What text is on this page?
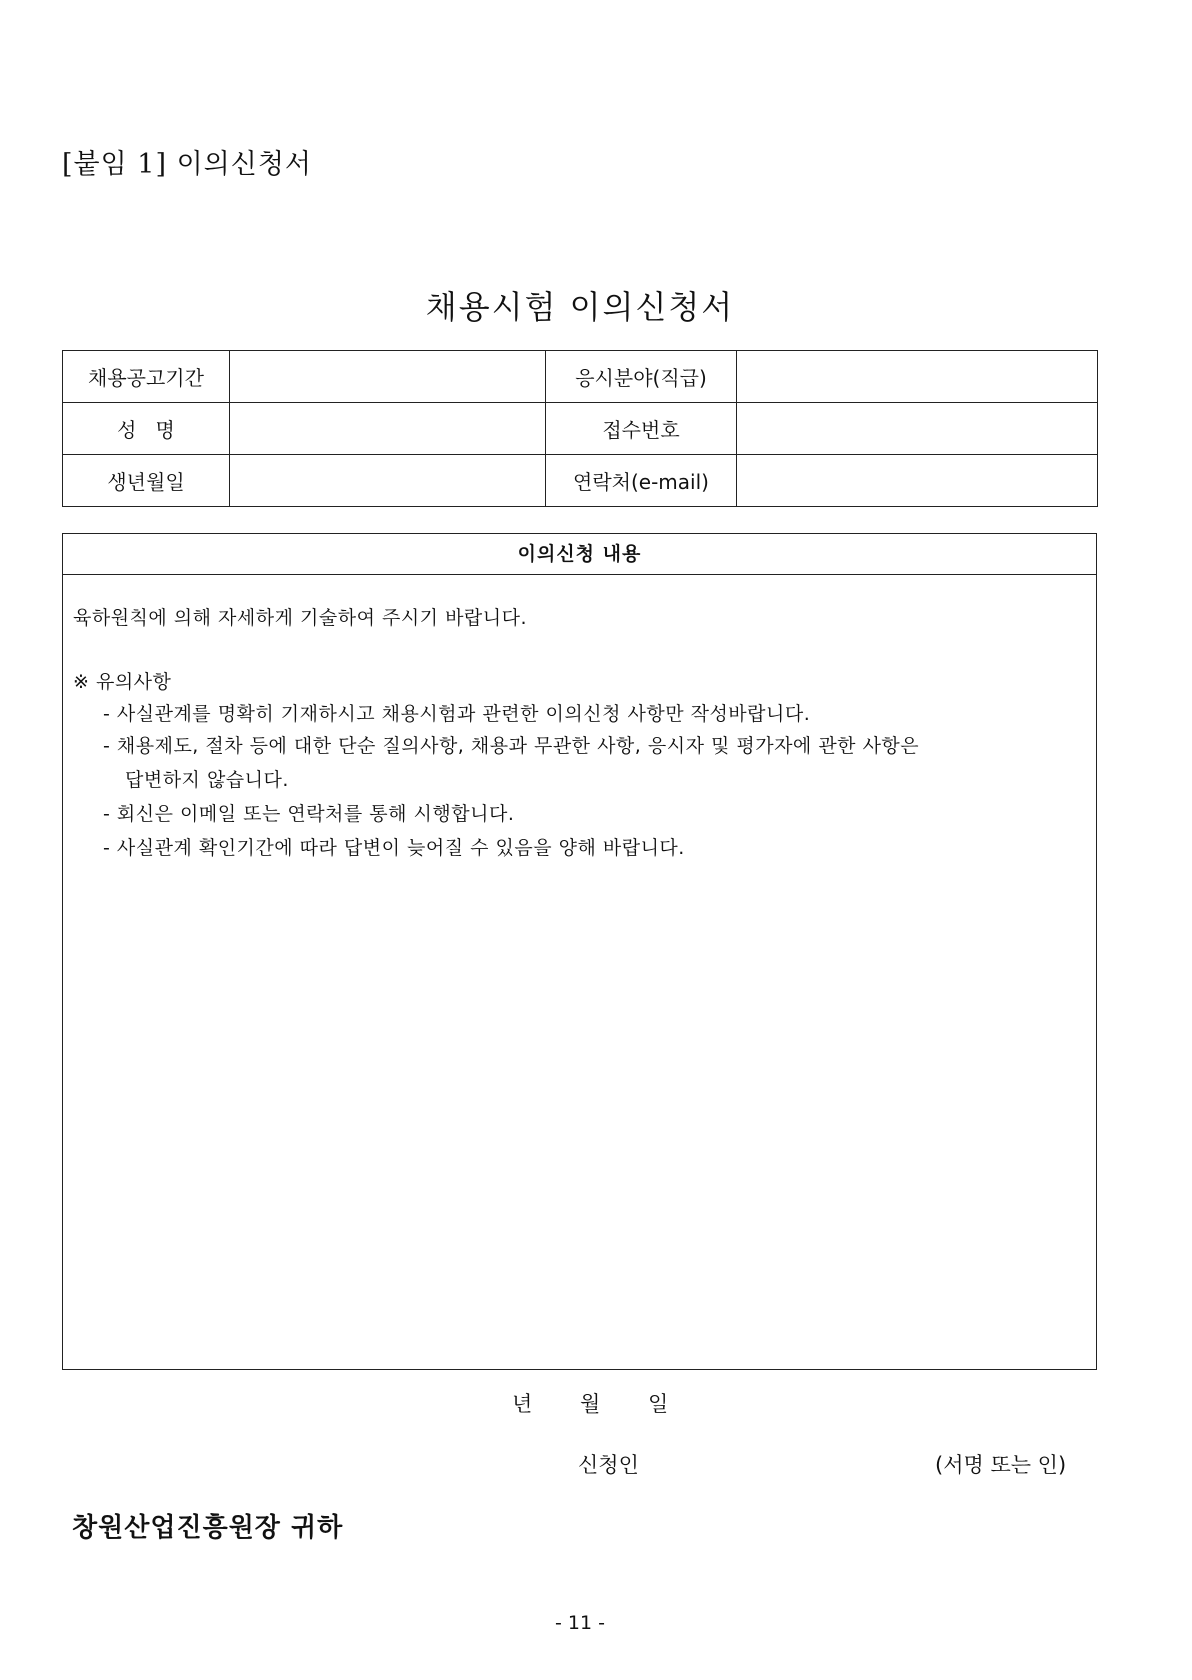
[붙임 1] 이의신청서
채용시험 이의신청서
채용공고기간		응시분야(직급)	
성   명		접수번호	
생년월일		연락처(e-mail)	
이의신청 내용
육하원칙에 의해 자세하게 기술하여 주시기 바랍니다.
※ 유의사항
- 사실관계를 명확히 기재하시고 채용시험과 관련한 이의신청 사항만 작성바랍니다.
- 채용제도, 절차 등에 대한 단순 질의사항, 채용과 무관한 사항, 응시자 및 평가자에 관한 사항은
답변하지 않습니다.
- 회신은 이메일 또는 연락처를 통해 시행합니다.
- 사실관계 확인기간에 따라 답변이 늦어질 수 있음을 양해 바랍니다.
년 월 일
신청인	(서명 또는 인)
창원산업진흥원장 귀하
- 11 -
